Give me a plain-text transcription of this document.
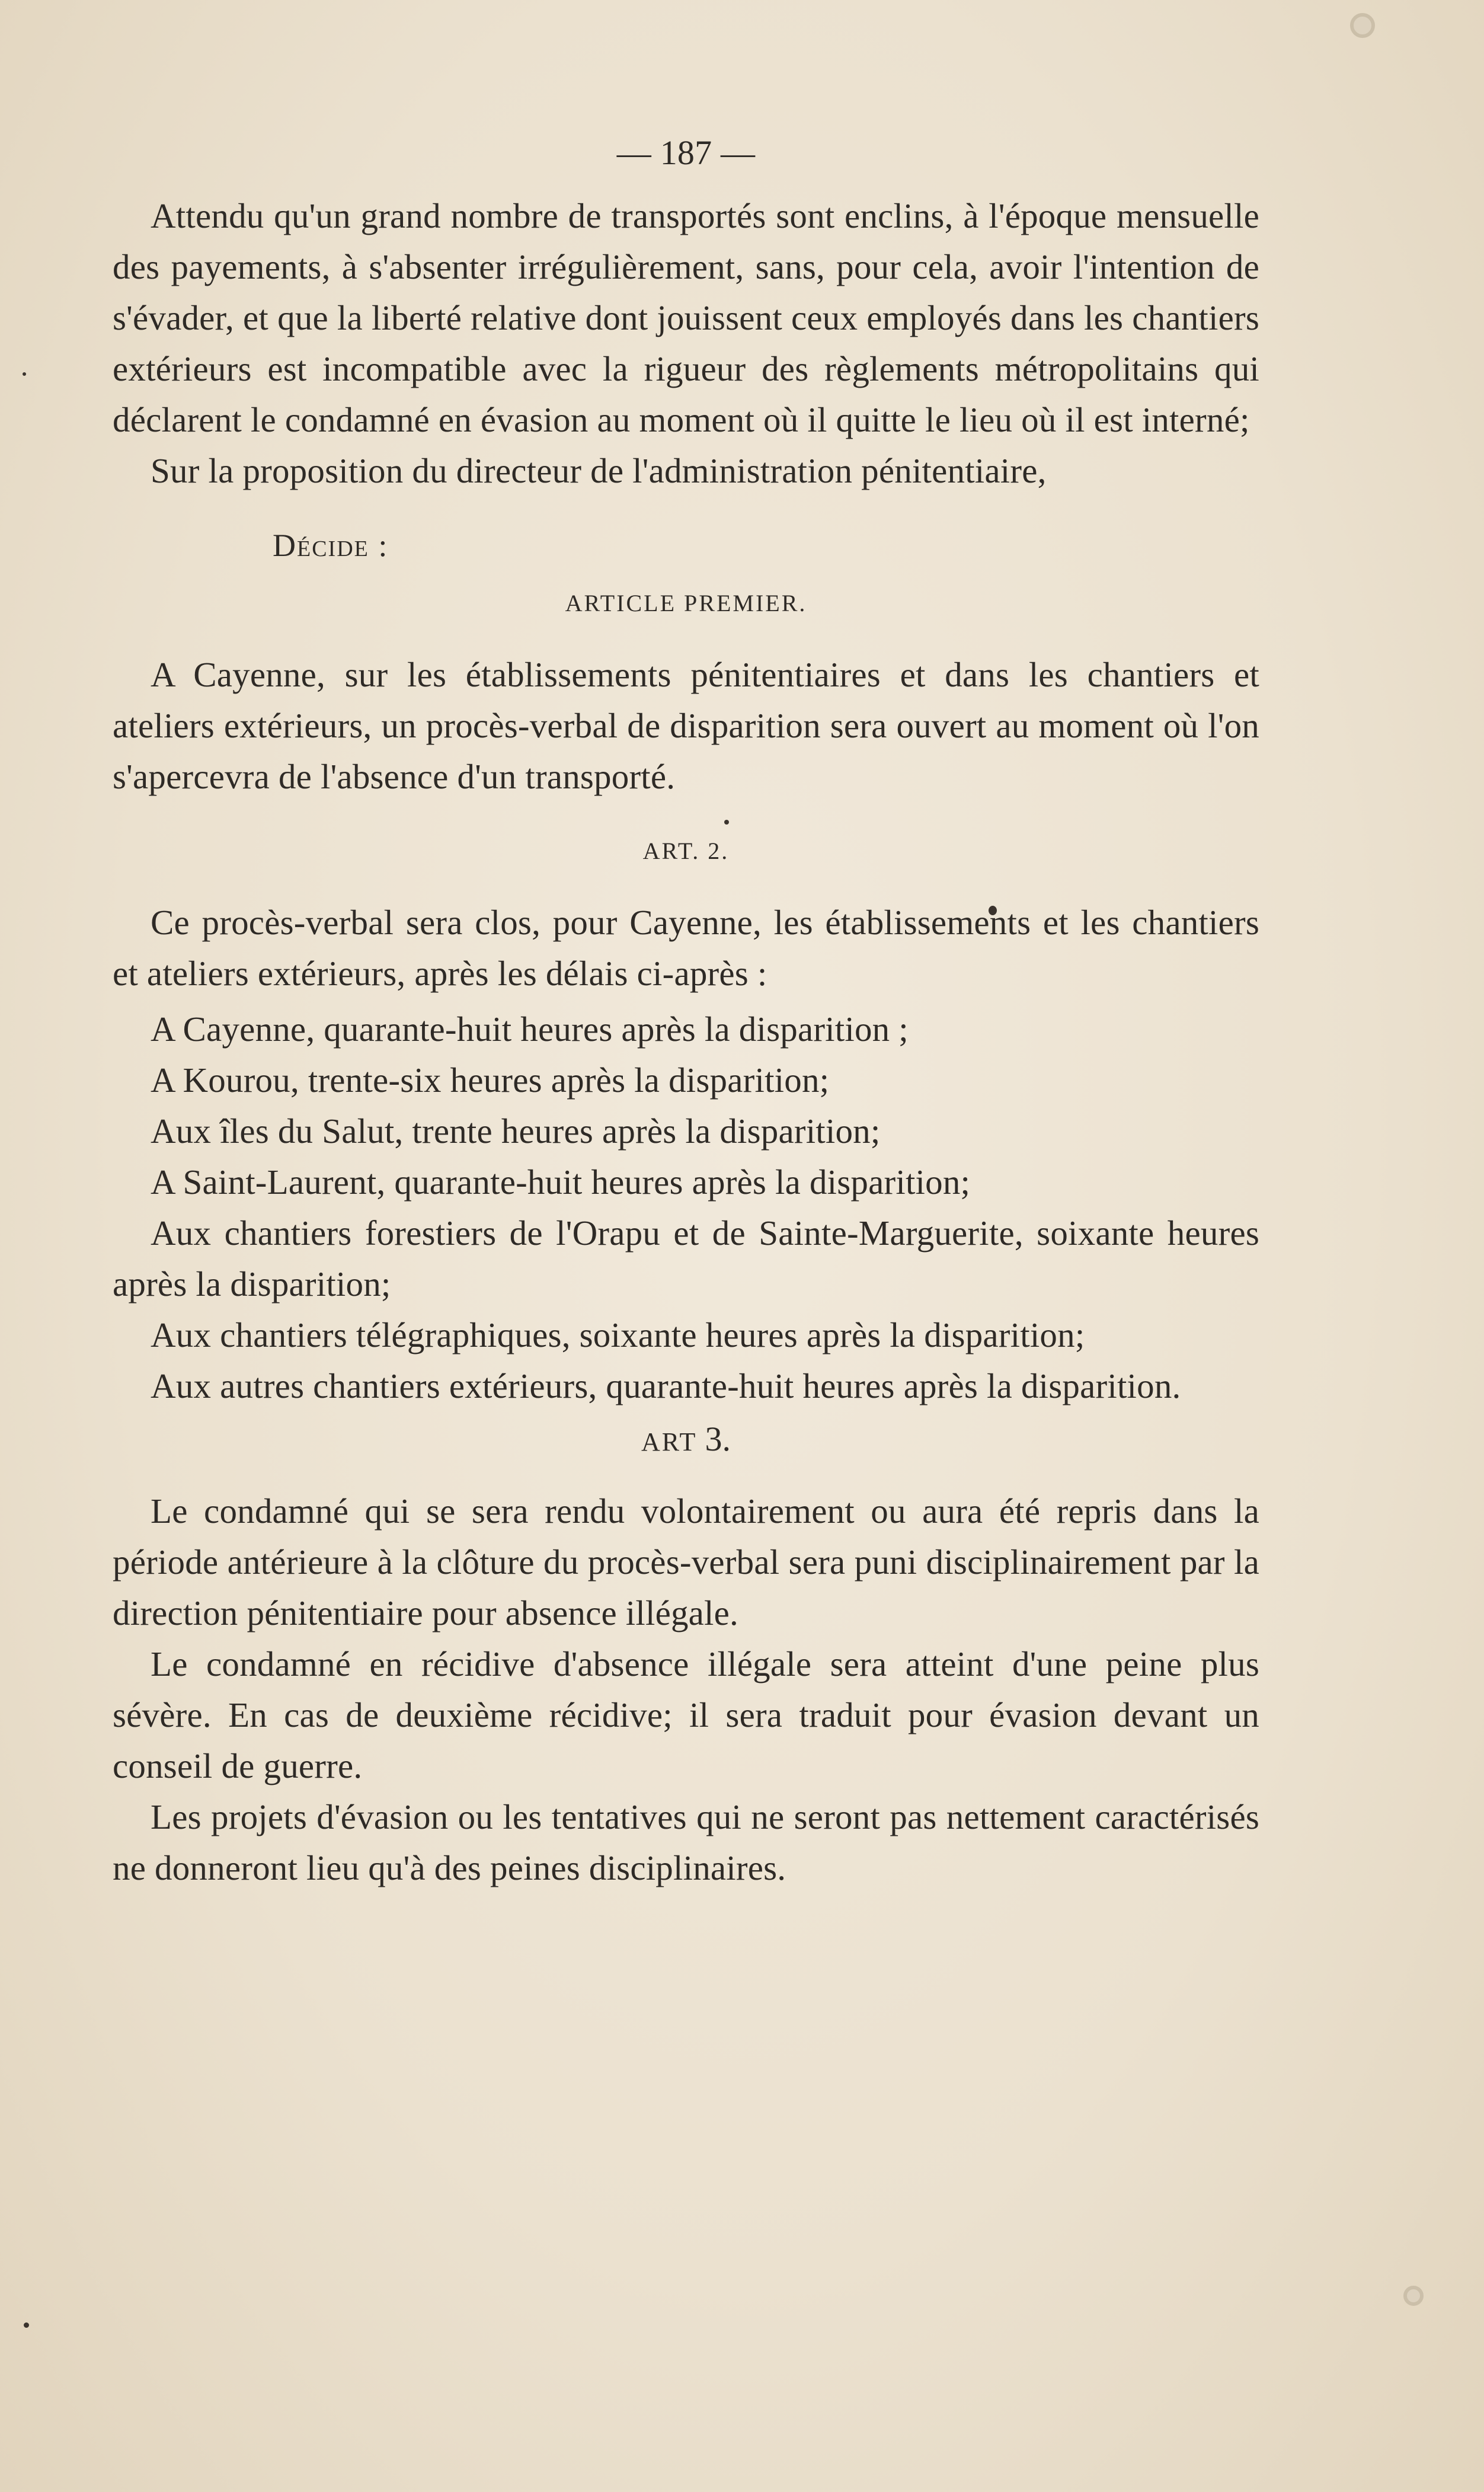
— 187 —

Attendu qu'un grand nombre de transportés sont enclins, à l'époque mensuelle des payements, à s'absenter irrégulièrement, sans, pour cela, avoir l'intention de s'évader, et que la liberté relative dont jouissent ceux employés dans les chantiers extérieurs est incompatible avec la rigueur des règlements métropolitains qui déclarent le condamné en évasion au moment où il quitte le lieu où il est interné;

Sur la proposition du directeur de l'administration pénitentiaire,

Décide :
ARTICLE PREMIER.

A Cayenne, sur les établissements pénitentiaires et dans les chantiers et ateliers extérieurs, un procès-verbal de disparition sera ouvert au moment où l'on s'apercevra de l'absence d'un transporté.

ART. 2.

Ce procès-verbal sera clos, pour Cayenne, les établissements et les chantiers et ateliers extérieurs, après les délais ci-après :

A Cayenne, quarante-huit heures après la disparition ;

A Kourou, trente-six heures après la disparition;

Aux îles du Salut, trente heures après la disparition;

A Saint-Laurent, quarante-huit heures après la disparition;

Aux chantiers forestiers de l'Orapu et de Sainte-Marguerite, soixante heures après la disparition;

Aux chantiers télégraphiques, soixante heures après la disparition;

Aux autres chantiers extérieurs, quarante-huit heures après la disparition.

ART 3.

Le condamné qui se sera rendu volontairement ou aura été repris dans la période antérieure à la clôture du procès-verbal sera puni disciplinairement par la direction pénitentiaire pour absence illégale.

Le condamné en récidive d'absence illégale sera atteint d'une peine plus sévère. En cas de deuxième récidive; il sera traduit pour évasion devant un conseil de guerre.

Les projets d'évasion ou les tentatives qui ne seront pas nettement caractérisés ne donneront lieu qu'à des peines disciplinaires.
